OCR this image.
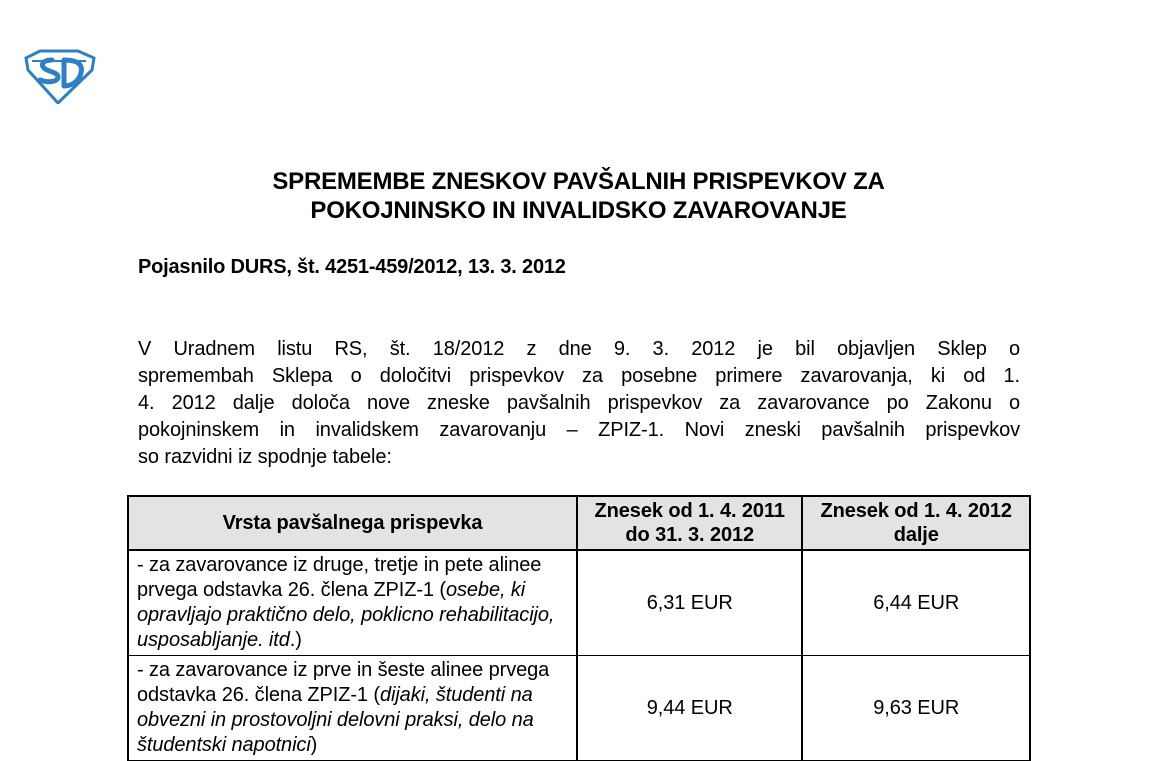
SPREMEMBE ZNESKOV PAVŠALNIH PRISPEVKOV ZA
POKOJNINSKO IN INVALIDSKO ZAVAROVANJE
Pojasnilo DURS, št. 4251-459/2012, 13. 3. 2012
V Uradnem listu RS, št. 18/2012 z dne 9. 3. 2012 je bil objavljen Sklep o
spremembah Sklepa o določitvi prispevkov za posebne primere zavarovanja, ki od 1.
4. 2012 dalje določa nove zneske pavšalnih prispevkov za zavarovance po Zakonu o
pokojninskem in invalidskem zavarovanju – ZPIZ-1. Novi zneski pavšalnih prispevkov
so razvidni iz spodnje tabele:
Vrsta pavšalnega prispevka	Znesek od 1. 4. 2011 do 31. 3. 2012	Znesek od 1. 4. 2012 dalje
- za zavarovance iz druge, tretje in pete alinee prvega odstavka 26. člena ZPIZ-1 (osebe, ki opravljajo praktično delo, poklicno rehabilitacijo, usposabljanje. itd.)	6,31 EUR	6,44 EUR
- za zavarovance iz prve in šeste alinee prvega odstavka 26. člena ZPIZ-1 (dijaki, študenti na obvezni in prostovoljni delovni praksi, delo na študentski napotnici)	9,44 EUR	9,63 EUR
